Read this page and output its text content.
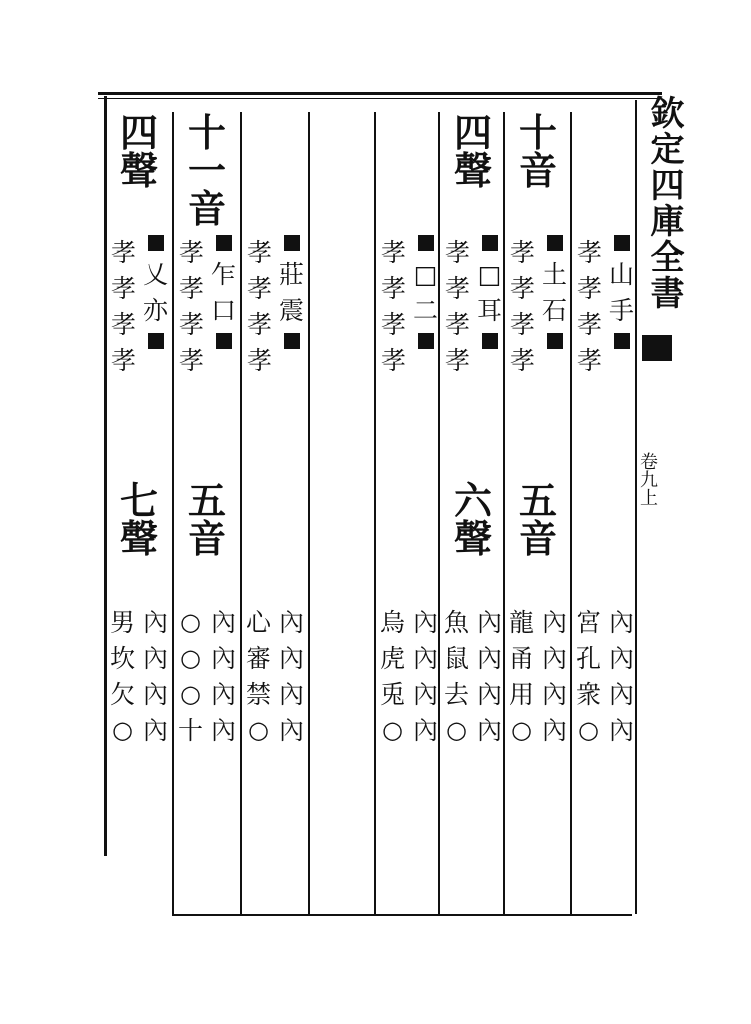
欽定四庫全書
卷九上
四
聲
乂
亦
孝
孝
孝
孝
七
聲
內
內
內
內
男
坎
欠
○
十
一
音
乍
口
孝
孝
孝
孝
五
音
內
內
內
內
○
○
○
十
莊
震
孝
孝
孝
孝
內
內
內
內
心
審
禁
○
□
二
孝
孝
孝
孝
內
內
內
內
烏
虎
兎
○
四
聲
□
耳
孝
孝
孝
孝
六
聲
內
內
內
內
魚
鼠
去
○
十
音
土
石
孝
孝
孝
孝
五
音
內
內
內
內
龍
甬
用
○
山
手
孝
孝
孝
孝
內
內
內
內
宮
孔
衆
○
